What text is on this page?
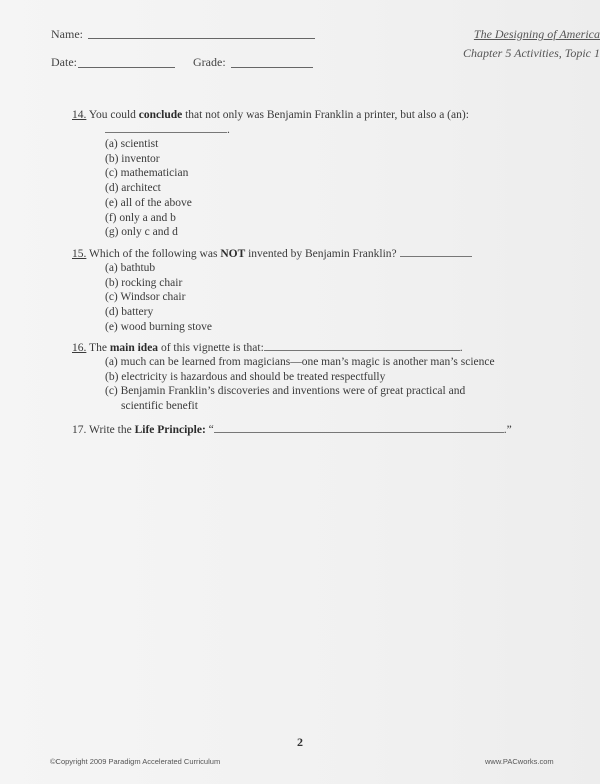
Name:
Date:	Grade:
The Designing of America
Chapter 5 Activities, Topic 1
14. You could conclude that not only was Benjamin Franklin a printer, but also a (an):
.
(a) scientist
(b) inventor
(c) mathematician
(d) architect
(e) all of the above
(f) only a and b
(g) only c and d
15. Which of the following was NOT invented by Benjamin Franklin?
(a) bathtub
(b) rocking chair
(c) Windsor chair
(d) battery
(e) wood burning stove
16. The main idea of this vignette is that:	.
(a) much can be learned from magicians—one man’s magic is another man’s science
(b) electricity is hazardous and should be treated respectfully
(c) Benjamin Franklin’s discoveries and inventions were of great practical and
scientific benefit
17. Write the Life Principle: “	.”
2
©Copyright 2009 Paradigm Accelerated Curriculum	www.PACworks.com
